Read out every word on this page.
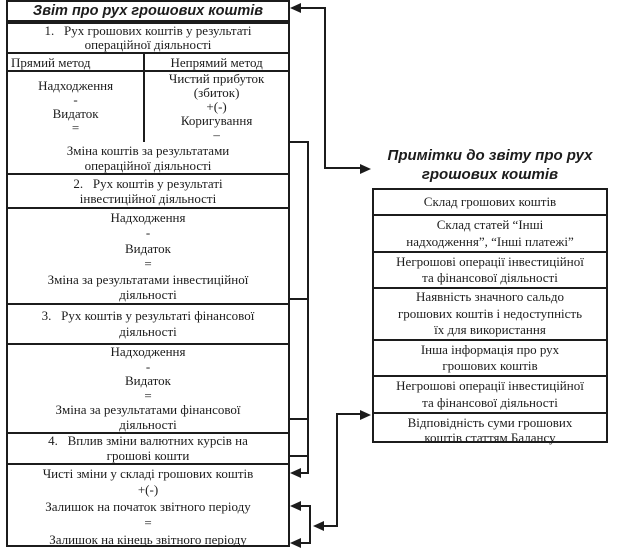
Звіт про рух грошових коштів
1.   Рух грошових коштів у результаті
операційної діяльності
Прямий метод	Непрямий метод
Надходження
-
Видаток
=
Чистий прибуток
(збиток)
+(-)
Коригування
–
Зміна коштів за результатами
операційної діяльності
2.   Рух коштів у результаті
інвестиційної діяльності
Надходження
-
Видаток
=
Зміна за результатами інвестиційної
діяльності
3.   Рух коштів у результаті фінансової
діяльності
Надходження
-
Видаток
=
Зміна за результатами фінансової
діяльності
4.   Вплив зміни валютних курсів на
грошові кошти
Чисті зміни у складі грошових коштів
+(-)
Залишок на початок звітного періоду
=
Залишок на кінець звітного періоду
Примітки до звіту про рух
грошових коштів
Склад грошових коштів
Склад статей “Інші
надходження”, “Інші платежі”
Негрошові операції інвестиційної
та фінансової діяльності
Наявність значного сальдо
грошових коштів і недоступність
їх для використання
Інша інформація про рух
грошових коштів
Негрошові операції інвестиційної
та фінансової діяльності
Відповідність суми грошових
коштів статтям Балансу
